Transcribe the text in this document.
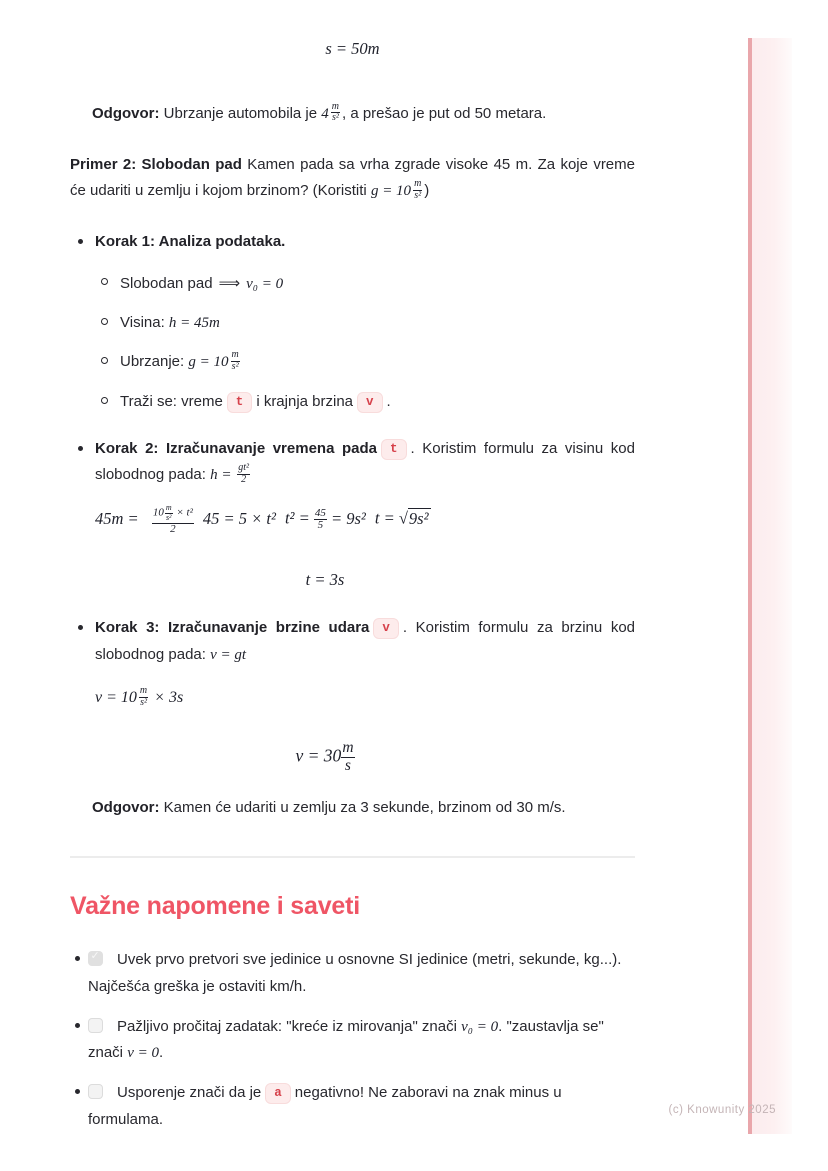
s = 50m

Odgovor: Ubrzanje automobila je $4 \frac{m}{\text{s²}}$ , a prešao je put od 50 metara.

Primer 2: Slobodan pad Kamen pada sa vrha zgrade visoke 45 m. Za koje vreme će udariti u zemlju i kojom brzinom? (Koristiti $g = 10 \frac{m}{\text{s²}}$ )

Korak 1: Analiza podataka.
Slobodan pad ⟹ v₀ = 0
Visina: h = 45m
Ubrzanje: $g = 10 \frac{m}{\text{s²}}$
Traži se: vreme t i krajnja brzina v .
Korak 2: Izračunavanje vremena pada t . Koristim formulu za visinu kod slobodnog pada: $h = \frac{\text{gt²}}{2}$
$45m = \frac{10 \frac{m}{\text{s²}} \times t^2}{2} 45 = 5 \times t^2$ $t^2 = \frac{45}{5} = 9s^2$ t = √9s²
t = 3s
Korak 3: Izračunavanje brzine udara v . Koristim formulu za brzinu kod slobodnog pada: v = gt
$v = 10 \frac{m}{\text{s²}} \times 3s$
$v = 30 \frac{m}{s}$

Odgovor: Kamen će udariti u zemlju za 3 sekunde, brzinom od 30 m/s.

Važne napomene i saveti
✓Uvek prvo pretvori sve jedinice u osnovne SI jedinice (metri, sekunde, kg...). Najčešća greška je ostaviti km/h.
Pažljivo pročitaj zadatak: "kreće iz mirovanja" znači v₀ = 0. "zaustavlja se" znači v = 0.
Usporenje znači da je a negativno! Ne zaboravi na znak minus u formulama.
(c) Knowunity 2025
